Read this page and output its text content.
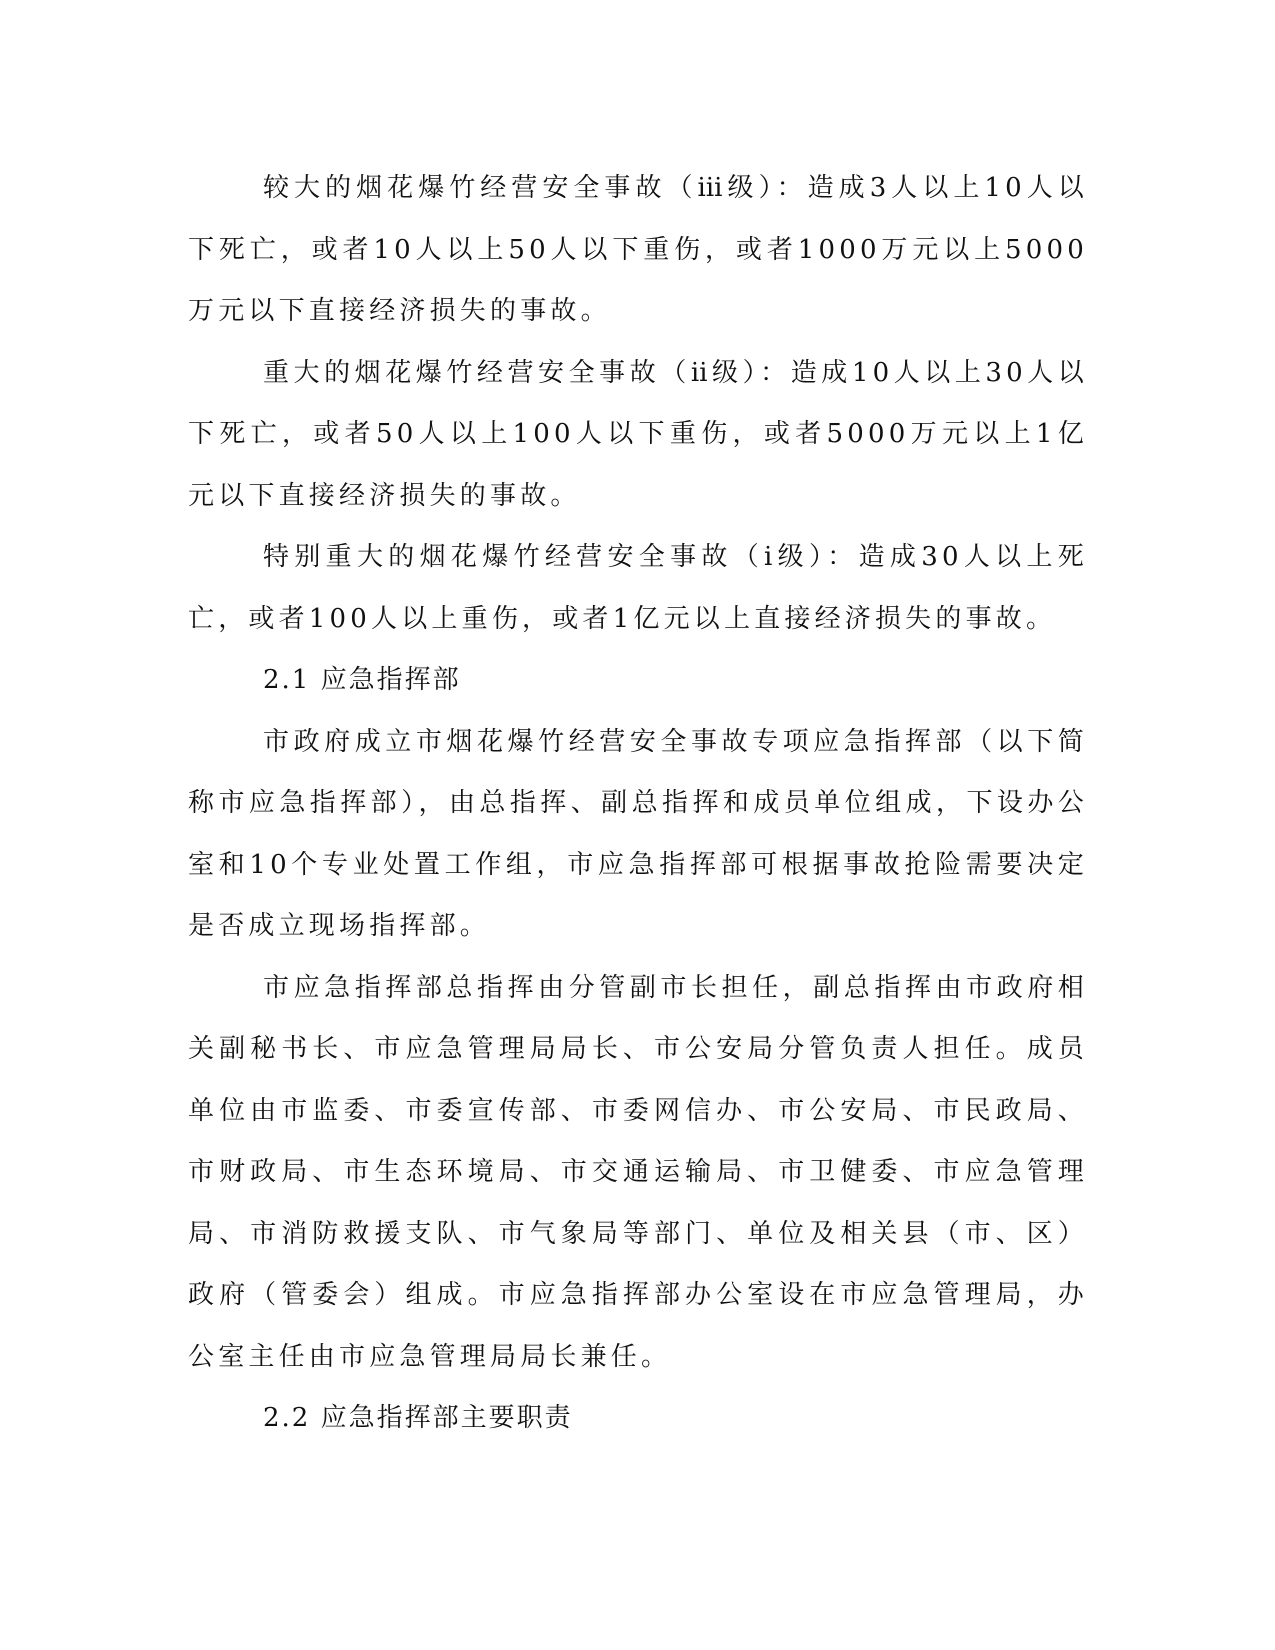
较大的烟花爆竹经营安全事故（ⅲ级）：造成3人以上10人以下死亡，或者10人以上50人以下重伤，或者1000万元以上5000万元以下直接经济损失的事故。

重大的烟花爆竹经营安全事故（ⅱ级）：造成10人以上30人以下死亡，或者50人以上100人以下重伤，或者5000万元以上1亿元以下直接经济损失的事故。

特别重大的烟花爆竹经营安全事故（ⅰ级）：造成30人以上死亡，或者100人以上重伤，或者1亿元以上直接经济损失的事故。

2.1 应急指挥部

市政府成立市烟花爆竹经营安全事故专项应急指挥部（以下简称市应急指挥部），由总指挥、副总指挥和成员单位组成，下设办公室和10个专业处置工作组，市应急指挥部可根据事故抢险需要决定是否成立现场指挥部。

市应急指挥部总指挥由分管副市长担任，副总指挥由市政府相关副秘书长、市应急管理局局长、市公安局分管负责人担任。成员单位由市监委、市委宣传部、市委网信办、市公安局、市民政局、市财政局、市生态环境局、市交通运输局、市卫健委、市应急管理局、市消防救援支队、市气象局等部门、单位及相关县（市、区）政府（管委会）组成。市应急指挥部办公室设在市应急管理局，办公室主任由市应急管理局局长兼任。

2.2 应急指挥部主要职责
